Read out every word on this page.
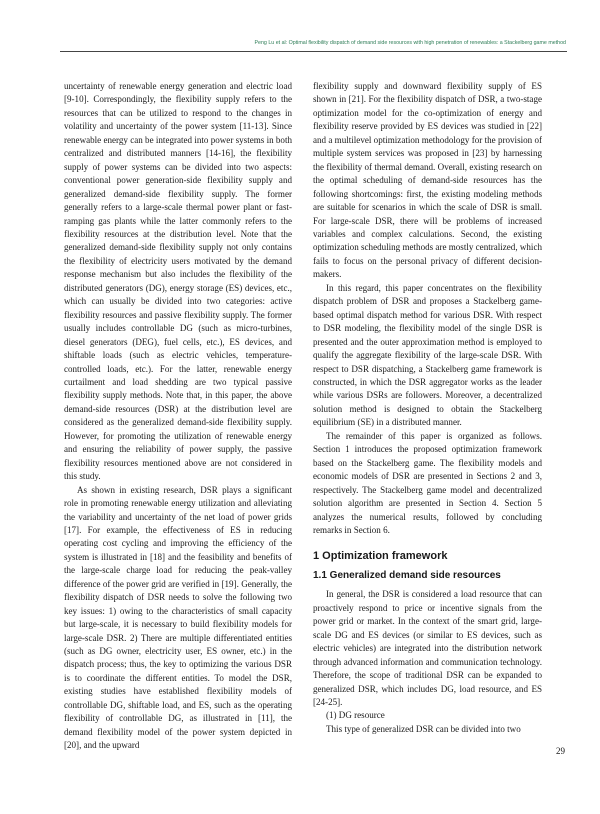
Peng Lu et al: Optimal flexibility dispatch of demand side resources with high penetration of renewables: a Stackelberg game method

uncertainty of renewable energy generation and electric load [9-10]. Correspondingly, the flexibility supply refers to the resources that can be utilized to respond to the changes in volatility and uncertainty of the power system [11-13]. Since renewable energy can be integrated into power systems in both centralized and distributed manners [14-16], the flexibility supply of power systems can be divided into two aspects: conventional power generation-side flexibility supply and generalized demand-side flexibility supply. The former generally refers to a large-scale thermal power plant or fast-ramping gas plants while the latter commonly refers to the flexibility resources at the distribution level. Note that the generalized demand-side flexibility supply not only contains the flexibility of electricity users motivated by the demand response mechanism but also includes the flexibility of the distributed generators (DG), energy storage (ES) devices, etc., which can usually be divided into two categories: active flexibility resources and passive flexibility supply. The former usually includes controllable DG (such as micro-turbines, diesel generators (DEG), fuel cells, etc.), ES devices, and shiftable loads (such as electric vehicles, temperature-controlled loads, etc.). For the latter, renewable energy curtailment and load shedding are two typical passive flexibility supply methods. Note that, in this paper, the above demand-side resources (DSR) at the distribution level are considered as the generalized demand-side flexibility supply. However, for promoting the utilization of renewable energy and ensuring the reliability of power supply, the passive flexibility resources mentioned above are not considered in this study.

As shown in existing research, DSR plays a significant role in promoting renewable energy utilization and alleviating the variability and uncertainty of the net load of power grids [17]. For example, the effectiveness of ES in reducing operating cost cycling and improving the efficiency of the system is illustrated in [18] and the feasibility and benefits of the large-scale charge load for reducing the peak-valley difference of the power grid are verified in [19]. Generally, the flexibility dispatch of DSR needs to solve the following two key issues: 1) owing to the characteristics of small capacity but large-scale, it is necessary to build flexibility models for large-scale DSR. 2) There are multiple differentiated entities (such as DG owner, electricity user, ES owner, etc.) in the dispatch process; thus, the key to optimizing the various DSR is to coordinate the different entities. To model the DSR, existing studies have established flexibility models of controllable DG, shiftable load, and ES, such as the operating flexibility of controllable DG, as illustrated in [11], the demand flexibility model of the power system depicted in [20], and the upward

flexibility supply and downward flexibility supply of ES shown in [21]. For the flexibility dispatch of DSR, a two-stage optimization model for the co-optimization of energy and flexibility reserve provided by ES devices was studied in [22] and a multilevel optimization methodology for the provision of multiple system services was proposed in [23] by harnessing the flexibility of thermal demand. Overall, existing research on the optimal scheduling of demand-side resources has the following shortcomings: first, the existing modeling methods are suitable for scenarios in which the scale of DSR is small. For large-scale DSR, there will be problems of increased variables and complex calculations. Second, the existing optimization scheduling methods are mostly centralized, which fails to focus on the personal privacy of different decision-makers.

In this regard, this paper concentrates on the flexibility dispatch problem of DSR and proposes a Stackelberg game-based optimal dispatch method for various DSR. With respect to DSR modeling, the flexibility model of the single DSR is presented and the outer approximation method is employed to qualify the aggregate flexibility of the large-scale DSR. With respect to DSR dispatching, a Stackelberg game framework is constructed, in which the DSR aggregator works as the leader while various DSRs are followers. Moreover, a decentralized solution method is designed to obtain the Stackelberg equilibrium (SE) in a distributed manner.

The remainder of this paper is organized as follows. Section 1 introduces the proposed optimization framework based on the Stackelberg game. The flexibility models and economic models of DSR are presented in Sections 2 and 3, respectively. The Stackelberg game model and decentralized solution algorithm are presented in Section 4. Section 5 analyzes the numerical results, followed by concluding remarks in Section 6.

1 Optimization framework
1.1 Generalized demand side resources

In general, the DSR is considered a load resource that can proactively respond to price or incentive signals from the power grid or market. In the context of the smart grid, large-scale DG and ES devices (or similar to ES devices, such as electric vehicles) are integrated into the distribution network through advanced information and communication technology. Therefore, the scope of traditional DSR can be expanded to generalized DSR, which includes DG, load resource, and ES [24-25].

(1) DG resource

This type of generalized DSR can be divided into two

29
